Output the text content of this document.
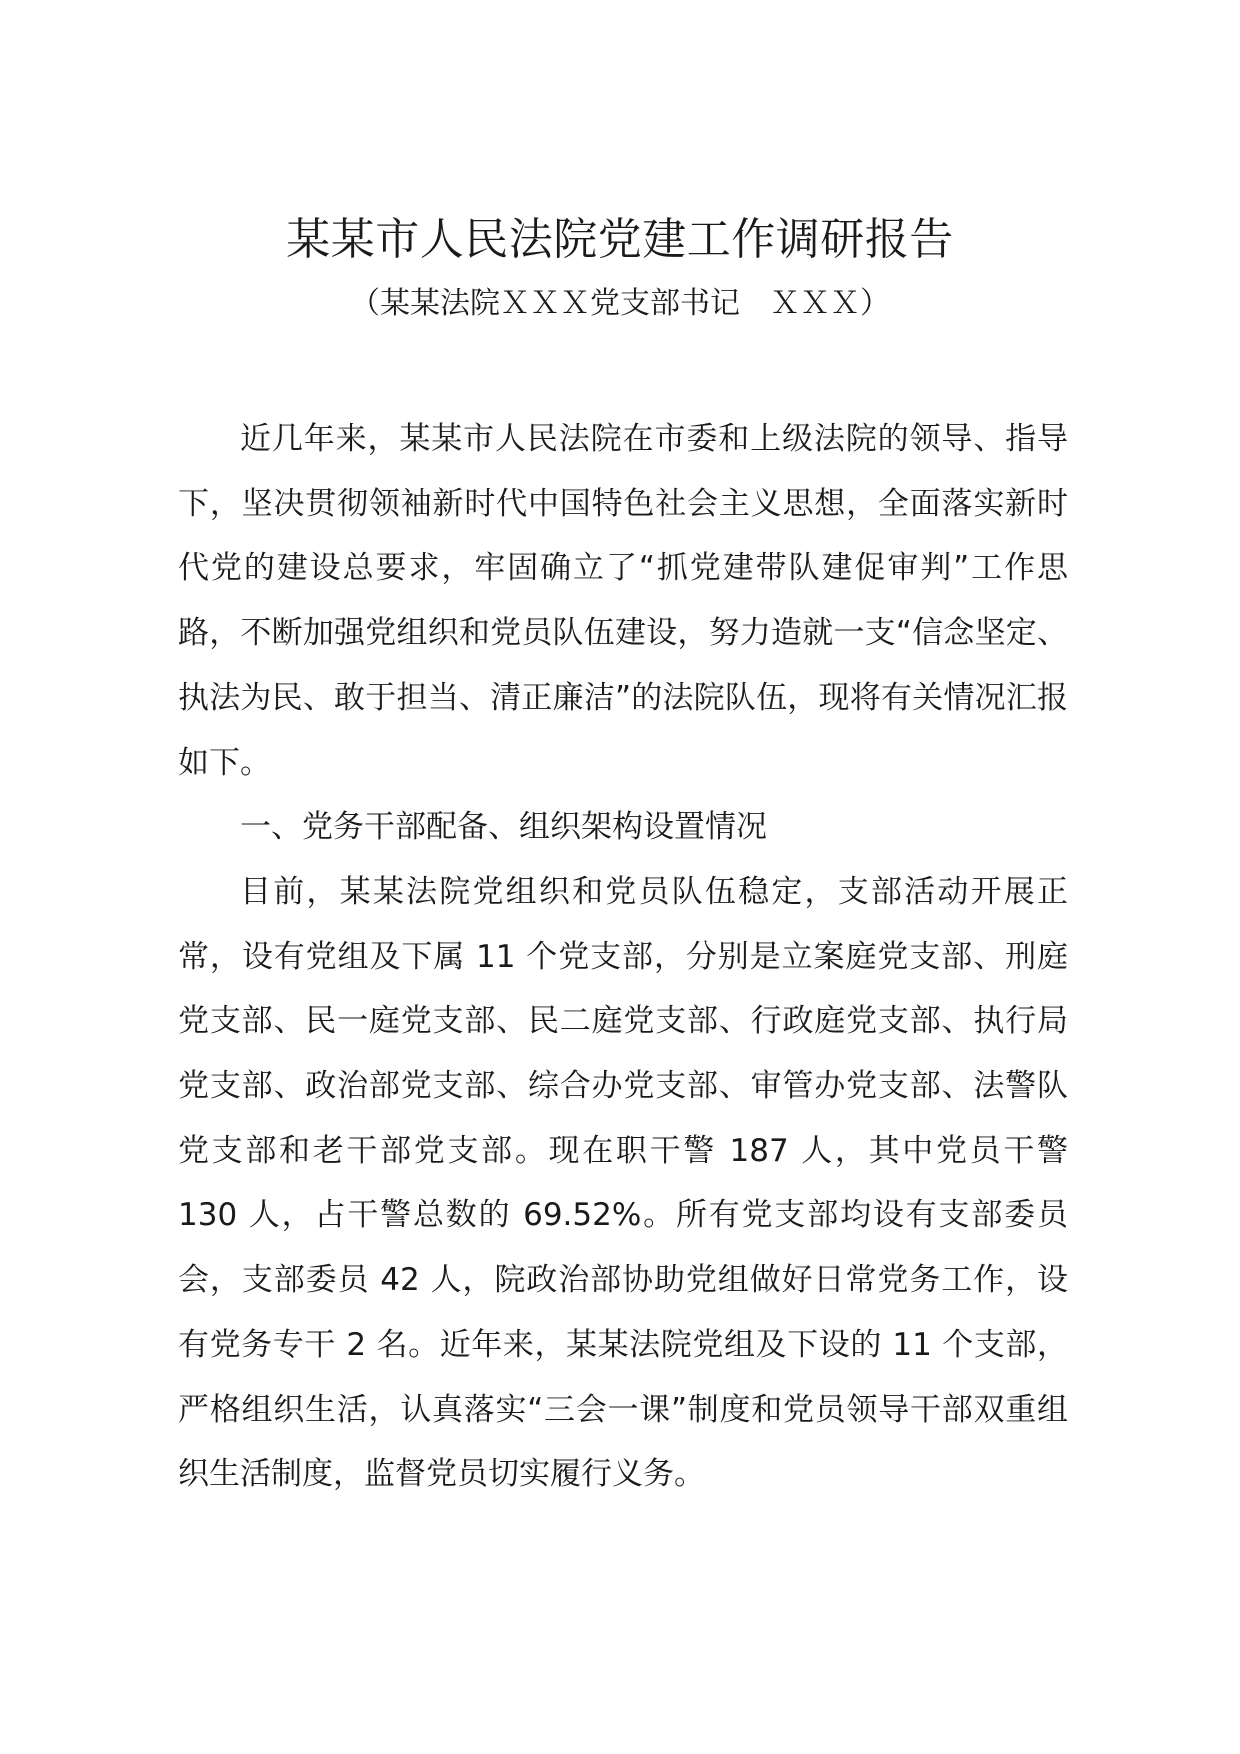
某某市人民法院党建工作调研报告
（某某法院ＸＸＸ党支部书记　ＸＸＸ）

近几年来，某某市人民法院在市委和上级法院的领导、指导下，坚决贯彻领袖新时代中国特色社会主义思想，全面落实新时代党的建设总要求，牢固确立了“抓党建带队建促审判”工作思路，不断加强党组织和党员队伍建设，努力造就一支“信念坚定、执法为民、敢于担当、清正廉洁”的法院队伍，现将有关情况汇报如下。

一、党务干部配备、组织架构设置情况

目前，某某法院党组织和党员队伍稳定，支部活动开展正常，设有党组及下属 11 个党支部，分别是立案庭党支部、刑庭党支部、民一庭党支部、民二庭党支部、行政庭党支部、执行局党支部、政治部党支部、综合办党支部、审管办党支部、法警队党支部和老干部党支部。现在职干警 187 人，其中党员干警 130 人，占干警总数的 69.52%。所有党支部均设有支部委员会，支部委员 42 人，院政治部协助党组做好日常党务工作，设有党务专干 2 名。近年来，某某法院党组及下设的 11 个支部，严格组织生活，认真落实“三会一课”制度和党员领导干部双重组织生活制度，监督党员切实履行义务。
